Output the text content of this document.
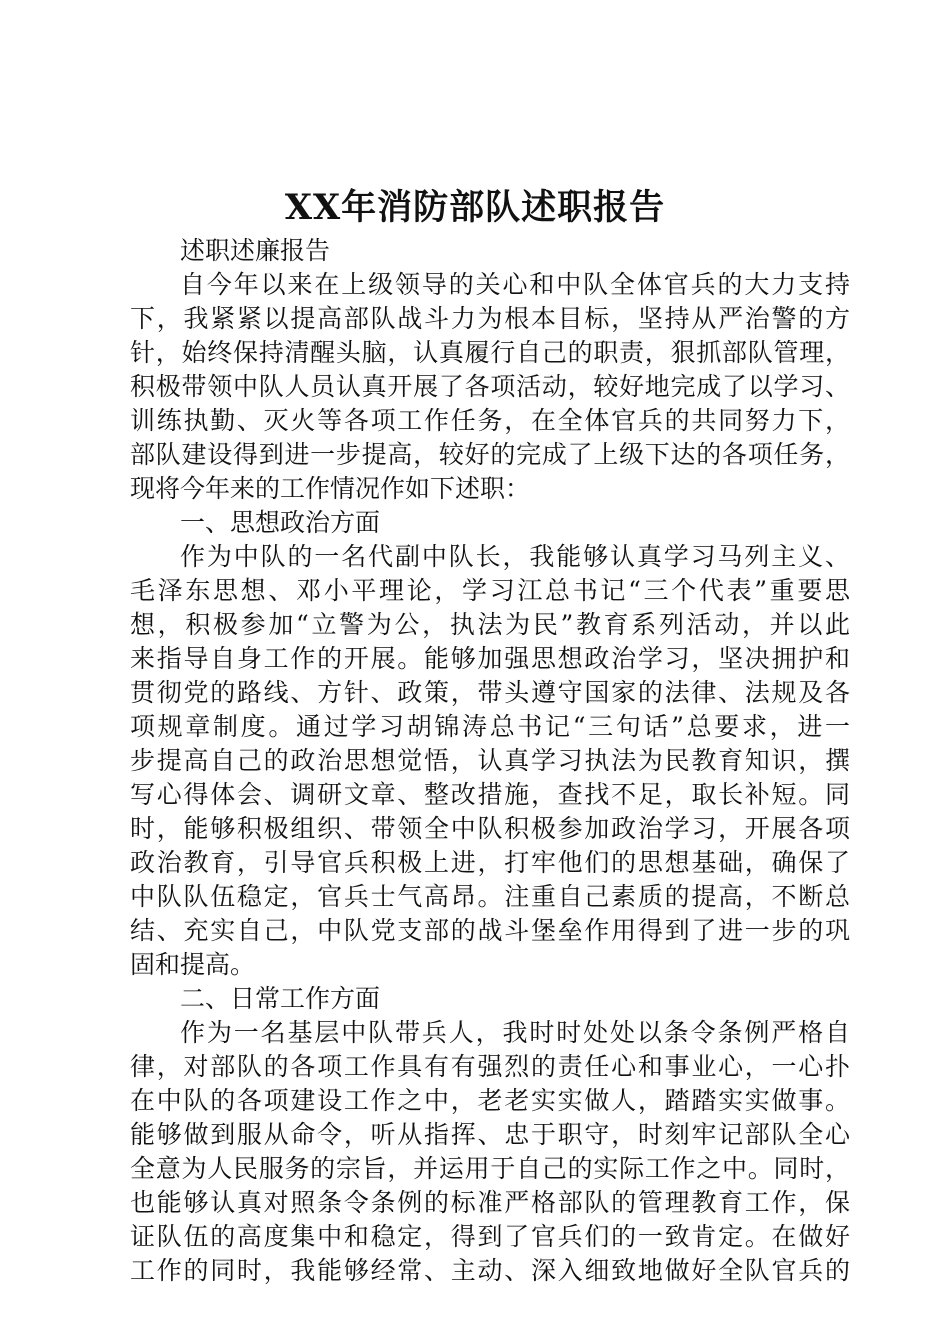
XX年消防部队述职报告
述职述廉报告
自今年以来在上级领导的关心和中队全体官兵的大力支持
下，我紧紧以提高部队战斗力为根本目标，坚持从严治警的方
针，始终保持清醒头脑，认真履行自己的职责，狠抓部队管理，
积极带领中队人员认真开展了各项活动，较好地完成了以学习、
训练执勤、灭火等各项工作任务，在全体官兵的共同努力下，
部队建设得到进一步提高，较好的完成了上级下达的各项任务，
现将今年来的工作情况作如下述职：
一、思想政治方面
作为中队的一名代副中队长，我能够认真学习马列主义、
毛泽东思想、邓小平理论，学习江总书记“三个代表”重要思
想，积极参加“立警为公，执法为民”教育系列活动，并以此
来指导自身工作的开展。能够加强思想政治学习，坚决拥护和
贯彻党的路线、方针、政策，带头遵守国家的法律、法规及各
项规章制度。通过学习胡锦涛总书记“三句话”总要求，进一
步提高自己的政治思想觉悟，认真学习执法为民教育知识，撰
写心得体会、调研文章、整改措施，查找不足，取长补短。同
时，能够积极组织、带领全中队积极参加政治学习，开展各项
政治教育，引导官兵积极上进，打牢他们的思想基础，确保了
中队队伍稳定，官兵士气高昂。注重自己素质的提高，不断总
结、充实自己，中队党支部的战斗堡垒作用得到了进一步的巩
固和提高。
二、日常工作方面
作为一名基层中队带兵人，我时时处处以条令条例严格自
律，对部队的各项工作具有有强烈的责任心和事业心，一心扑
在中队的各项建设工作之中，老老实实做人，踏踏实实做事。
能够做到服从命令，听从指挥、忠于职守，时刻牢记部队全心
全意为人民服务的宗旨，并运用于自己的实际工作之中。同时，
也能够认真对照条令条例的标准严格部队的管理教育工作，保
证队伍的高度集中和稳定，得到了官兵们的一致肯定。在做好
工作的同时，我能够经常、主动、深入细致地做好全队官兵的
